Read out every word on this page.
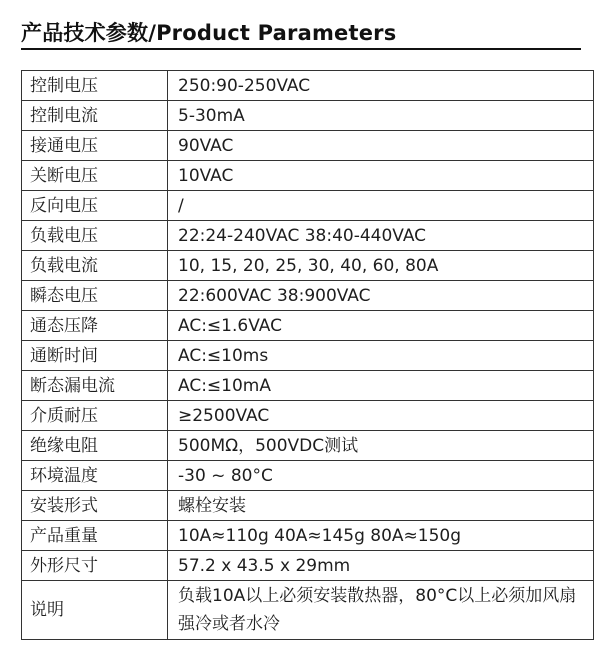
产品技术参数/Product Parameters
控制电压	250:90-250VAC
控制电流	5-30mA
接通电压	90VAC
关断电压	10VAC
反向电压	/
负载电压	22:24-240VAC 38:40-440VAC
负载电流	10, 15, 20, 25, 30, 40, 60, 80A
瞬态电压	22:600VAC 38:900VAC
通态压降	AC:≤1.6VAC
通断时间	AC:≤10ms
断态漏电流	AC:≤10mA
介质耐压	≥2500VAC
绝缘电阻	500MΩ，500VDC测试
环境温度	-30 ~ 80°C
安装形式	螺栓安装
产品重量	10A≈110g 40A≈145g 80A≈150g
外形尺寸	57.2 x 43.5 x 29mm
说明	负载10A以上必须安装散热器，80°C以上必须加风扇强冷或者水冷
